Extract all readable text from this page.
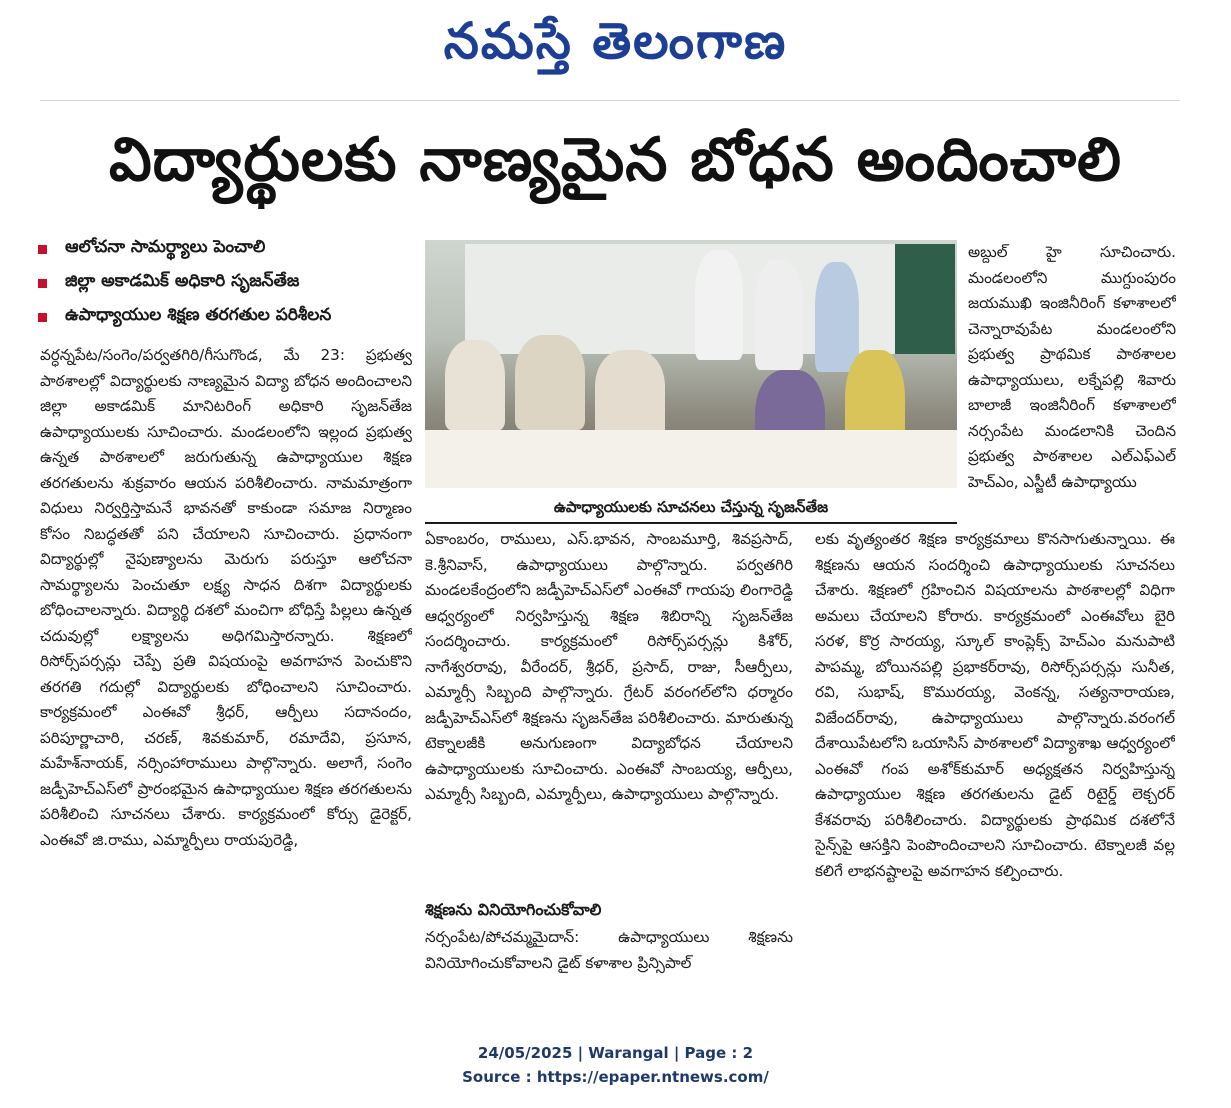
నమస్తే తెలంగాణ
విద్యార్థులకు నాణ్యమైన బోధన అందించాలి
ఆలోచనా సామర్థ్యాలు పెంచాలి
జిల్లా అకాడమిక్ అధికారి సృజన్‌తేజ
ఉపాధ్యాయుల శిక్షణ తరగతుల పరిశీలన
వర్ధన్నపేట/సంగెం/పర్వతగిరి/గీసుగొండ, మే 23: ప్రభుత్వ పాఠశాలల్లో విద్యార్థులకు నాణ్యమైన విద్యా బోధన అందించాలని జిల్లా అకాడమిక్ మానిటరింగ్ అధికారి సృజన్‌తేజ ఉపాధ్యాయులకు సూచించారు. మండలంలోని ఇల్లంద ప్రభుత్వ ఉన్నత పాఠశాలలో జరుగుతున్న ఉపాధ్యాయుల శిక్షణ తరగతులను శుక్రవారం ఆయన పరిశీలించారు. నామమాత్రంగా విధులు నిర్వర్తిస్తామనే భావనతో కాకుండా సమాజ నిర్మాణం కోసం నిబద్ధతతో పని చేయాలని సూచించారు. ప్రధానంగా విద్యార్థుల్లో నైపుణ్యాలను మెరుగు పరుస్తూ ఆలోచనా సామర్థ్యాలను పెంచుతూ లక్ష్య సాధన దిశగా విద్యార్థులకు బోధించాలన్నారు. విద్యార్థి దశలో మంచిగా బోధిస్తే పిల్లలు ఉన్నత చదువుల్లో లక్ష్యాలను అధిగమిస్తారన్నారు. శిక్షణలో రిసోర్స్‌పర్సన్లు చెప్పే ప్రతి విషయంపై అవగాహన పెంచుకొని తరగతి గదుల్లో విద్యార్థులకు బోధించాలని సూచించారు. కార్యక్రమంలో ఎంఈవో శ్రీధర్, ఆర్పీలు సదానందం, పరిపూర్ణాచారి, చరణ్, శివకుమార్, రమాదేవి, ప్రసూన, మహేశ్‌నాయక్, నర్సింహారాములు పాల్గొన్నారు. అలాగే, సంగెం జడ్పీహెచ్‌ఎస్‌లో ప్రారంభమైన ఉపాధ్యాయుల శిక్షణ తరగతులను పరిశీలించి సూచనలు చేశారు. కార్యక్రమంలో కోర్సు డైరెక్టర్, ఎంఈవో జి.రాము, ఎమ్మార్పీలు రాయపురెడ్డి,
ఉపాధ్యాయులకు సూచనలు చేస్తున్న సృజన్‌తేజ
ఏకాంబరం, రాములు, ఎస్.భావన, సాంబమూర్తి, శివప్రసాద్, కె.శ్రీనివాస్, ఉపాధ్యాయులు పాల్గొన్నారు. పర్వతగిరి మండలకేంద్రంలోని జడ్పీహెచ్‌ఎస్‌లో ఎంఈవో గాయపు లింగారెడ్డి ఆధ్వర్యంలో నిర్వహిస్తున్న శిక్షణ శిబిరాన్ని సృజన్‌తేజ సందర్శించారు. కార్యక్రమంలో రిసోర్స్‌పర్సన్లు కిశోర్, నాగేశ్వరరావు, వీరేందర్, శ్రీధర్, ప్రసాద్, రాజు, సీఆర్పీలు, ఎమ్మార్సీ సిబ్బంది పాల్గొన్నారు. గ్రేటర్ వరంగల్‌లోని ధర్మారం జడ్పీహెచ్‌ఎస్‌లో శిక్షణను సృజన్‌తేజ పరిశీలించారు. మారుతున్న టెక్నాలజీకి అనుగుణంగా విద్యాబోధన చేయాలని ఉపాధ్యాయులకు సూచించారు. ఎంఈవో సాంబయ్య, ఆర్పీలు, ఎమ్మార్సీ సిబ్బంది, ఎమ్మార్పీలు, ఉపాధ్యాయులు పాల్గొన్నారు.
శిక్షణను వినియోగించుకోవాలి
నర్సంపేట/పోచమ్మమైదాన్: ఉపాధ్యాయులు శిక్షణను వినియోగించుకోవాలని డైట్ కళాశాల ప్రిన్సిపాల్
అబ్దుల్ హై సూచించారు. మండలంలోని ముగ్దుంపురం జయముఖి ఇంజినీరింగ్ కళాశాలలో చెన్నారావుపేట మండలంలోని ప్రభుత్వ ప్రాథమిక పాఠశాలల ఉపాధ్యాయులు, లక్నేపల్లి శివారు బాలాజీ ఇంజినీరింగ్ కళాశాలలో నర్సంపేట మండలానికి చెందిన ప్రభుత్వ పాఠశాలల ఎల్‌ఎఫ్‌ఎల్ హెచ్‌ఎం, ఎస్జీటీ ఉపాధ్యాయు
లకు వృత్యంతర శిక్షణ కార్యక్రమాలు కొనసాగుతున్నాయి. ఈ శిక్షణను ఆయన సందర్శించి ఉపాధ్యాయులకు సూచనలు చేశారు. శిక్షణలో గ్రహించిన విషయాలను పాఠశాలల్లో విధిగా అమలు చేయాలని కోరారు. కార్యక్రమంలో ఎంఈవోలు బైరి సరళ, కొర్ర సారయ్య, స్కూల్ కాంప్లెక్స్ హెచ్‌ఎం మనుపాటి పాపమ్మ, బోయినపల్లి ప్రభాకర్‌రావు, రిసోర్స్‌పర్సన్లు సునీత, రవి, సుభాష్, కొమురయ్య, వెంకన్న, సత్యనారాయణ, విజేందర్‌రావు, ఉపాధ్యాయులు పాల్గొన్నారు.వరంగల్ దేశాయిపేటలోని ఒయాసిస్ పాఠశాలలో విద్యాశాఖ ఆధ్వర్యంలో ఎంఈవో గంప అశోక్‌కుమార్ అధ్యక్షతన నిర్వహిస్తున్న ఉపాధ్యాయుల శిక్షణ తరగతులను డైట్ రిటైర్డ్ లెక్చరర్ కేశవరావు పరిశీలించారు. విద్యార్థులకు ప్రాథమిక దశలోనే సైన్స్‌పై ఆసక్తిని పెంపొందించాలని సూచించారు. టెక్నాలజీ వల్ల కలిగే లాభనష్టాలపై అవగాహన కల్పించారు.
24/05/2025 | Warangal | Page : 2
Source : https://epaper.ntnews.com/
